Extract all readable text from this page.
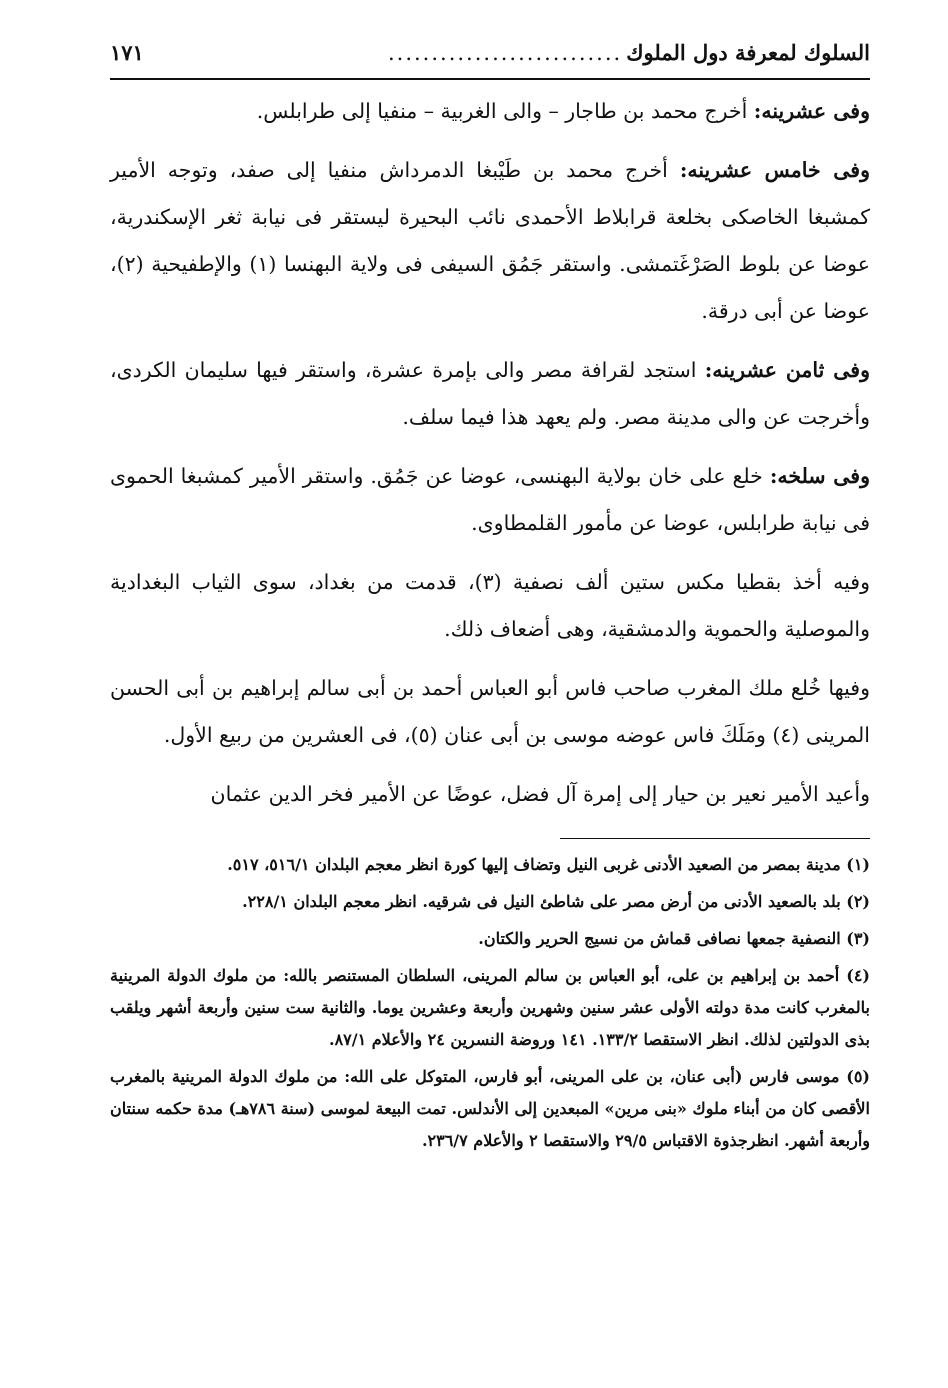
السلوك لمعرفة دول الملوك
...........................
١٧١

وفى عشرينه: أخرج محمد بن طاجار – والى الغربية – منفيا إلى طرابلس.

وفى خامس عشرينه: أخرج محمد بن طَيْبغا الدمرداش منفيا إلى صفد، وتوجه الأمير كمشبغا الخاصكى بخلعة قرابلاط الأحمدى نائب البحيرة ليستقر فى نيابة ثغر الإسكندرية، عوضا عن بلوط الصَرْغَتمشى. واستقر جَمُق السيفى فى ولاية البهنسا (١) والإطفيحية (٢)، عوضا عن أبى درقة.

وفى ثامن عشرينه: استجد لقرافة مصر والى بإمرة عشرة، واستقر فيها سليمان الكردى، وأخرجت عن والى مدينة مصر. ولم يعهد هذا فيما سلف.

وفى سلخه: خلع على خان بولاية البهنسى، عوضا عن جَمُق. واستقر الأمير كمشبغا الحموى فى نيابة طرابلس، عوضا عن مأمور القلمطاوى.

وفيه أخذ بقطيا مكس ستين ألف نصفية (٣)، قدمت من بغداد، سوى الثياب البغدادية والموصلية والحموية والدمشقية، وهى أضعاف ذلك.

وفيها خُلع ملك المغرب صاحب فاس أبو العباس أحمد بن أبى سالم إبراهيم بن أبى الحسن المرينى (٤) ومَلَكَ فاس عوضه موسى بن أبى عنان (٥)، فى العشرين من ربيع الأول.

وأعيد الأمير نعير بن حيار إلى إمرة آل فضل، عوضًا عن الأمير فخر الدين عثمان

(١) مدينة بمصر من الصعيد الأدنى غربى النيل وتضاف إليها كورة انظر معجم البلدان ٥١٦/١، ٥١٧.

(٢) بلد بالصعيد الأدنى من أرض مصر على شاطئ النيل فى شرقيه. انظر معجم البلدان ٢٢٨/١.

(٣) النصفية جمعها نصافى قماش من نسيج الحرير والكتان.

(٤) أحمد بن إبراهيم بن على، أبو العباس بن سالم المرينى، السلطان المستنصر بالله: من ملوك الدولة المرينية بالمغرب كانت مدة دولته الأولى عشر سنين وشهرين وأربعة وعشرين يوما. والثانية ست سنين وأربعة أشهر ويلقب بذى الدولتين لذلك. انظر الاستقصا ١٣٣/٢. ١٤١ وروضة النسرين ٢٤ والأعلام ٨٧/١.

(٥) موسى فارس (أبى عنان، بن على المرينى، أبو فارس، المتوكل على الله: من ملوك الدولة المرينية بالمغرب الأقصى كان من أبناء ملوك «بنى مرين» المبعدين إلى الأندلس. تمت البيعة لموسى (سنة ٧٨٦هـ) مدة حكمه سنتان وأربعة أشهر. انظرجذوة الاقتباس ٢٩/٥ والاستقصا ٢ والأعلام ٢٣٦/٧.
